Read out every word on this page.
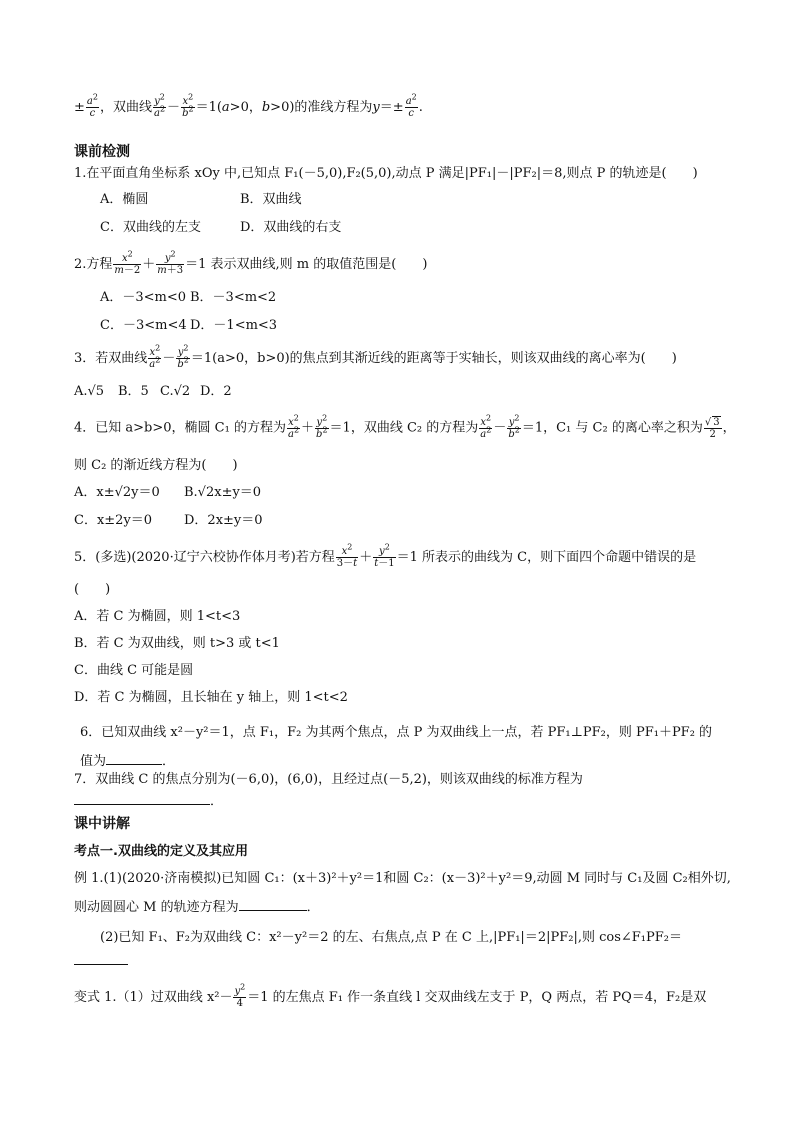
± $\frac{a^2}{c}$ ，双曲线 $\frac{y^2}{a^2} - \frac{x^2}{b^2} =1(a>0$，b>0)的准线方程为$y=\pm \frac{a^2}{c}$ .
课前检测
1.在平面直角坐标系 xOy 中,已知点 F₁(－5,0),F₂(5,0),动点 P 满足|PF₁|－|PF₂|＝8,则点 P 的轨迹是(　　)
A．椭圆	B．双曲线
C．双曲线的左支	D．双曲线的右支
2.方程 $\frac{x^2}{m-2} + \frac{y^2}{m+3} =1$ 表示双曲线,则 m 的取值范围是(　　)
A．－3<m<0 B．－3<m<2
C．－3<m<4 D．－1<m<3
3．若双曲线 $\frac{x^2}{a^2} - \frac{y^2}{b^2} =1(a>0$，b>0)的焦点到其渐近线的距离等于实轴长，则该双曲线的离心率为(　　)
A.√5 B．5 C.√2 D．2
4．已知 a>b>0，椭圆 C₁ 的方程为 $\frac{x^2}{a^2} + \frac{y^2}{b^2} =1$，双曲线 C₂ 的方程为 $\frac{x^2}{a^2} - \frac{y^2}{b^2} =1$，C₁ 与 C₂ 的离心率之积为 $\frac{√ 3}{2}$ ，
则 C₂ 的渐近线方程为(　　)
A．x±√2y＝0 B.√2x±y＝0
C．x±2y＝0 D．2x±y＝0
5．(多选)(2020·辽宁六校协作体月考)若方程 $\frac{x^2}{3-t} + \frac{y^2}{t-1} =1$ 所表示的曲线为 C，则下面四个命题中错误的是
(　　)
A．若 C 为椭圆，则 1<t<3
B．若 C 为双曲线，则 t>3 或 t<1
C．曲线 C 可能是圆
D．若 C 为椭圆，且长轴在 y 轴上，则 1<t<2
6．已知双曲线 x²－y²＝1，点 F₁，F₂ 为其两个焦点，点 P 为双曲线上一点，若 PF₁⊥PF₂，则 PF₁＋PF₂ 的
值为	．
7．双曲线 C 的焦点分别为(－6,0)，(6,0)，且经过点(－5,2)，则该双曲线的标准方程为
．
课中讲解
考点一.双曲线的定义及其应用
例 1.(1)(2020·济南模拟)已知圆 C₁：(x＋3)²＋y²＝1和圆 C₂：(x－3)²＋y²＝9,动圆 M 同时与 C₁及圆 C₂相外切,
则动圆圆心 M 的轨迹方程为	．
(2)已知 F₁、F₂为双曲线 C：x²－y²＝2 的左、右焦点,点 P 在 C 上,|PF₁|＝2|PF₂|,则 cos∠F₁PF₂＝
变式 1.（1）过双曲线 $x^2- \frac{y^2}{4} =1$ 的左焦点 F₁ 作一条直线 l 交双曲线左支于 P，Q 两点，若 PQ＝4，F₂是双
